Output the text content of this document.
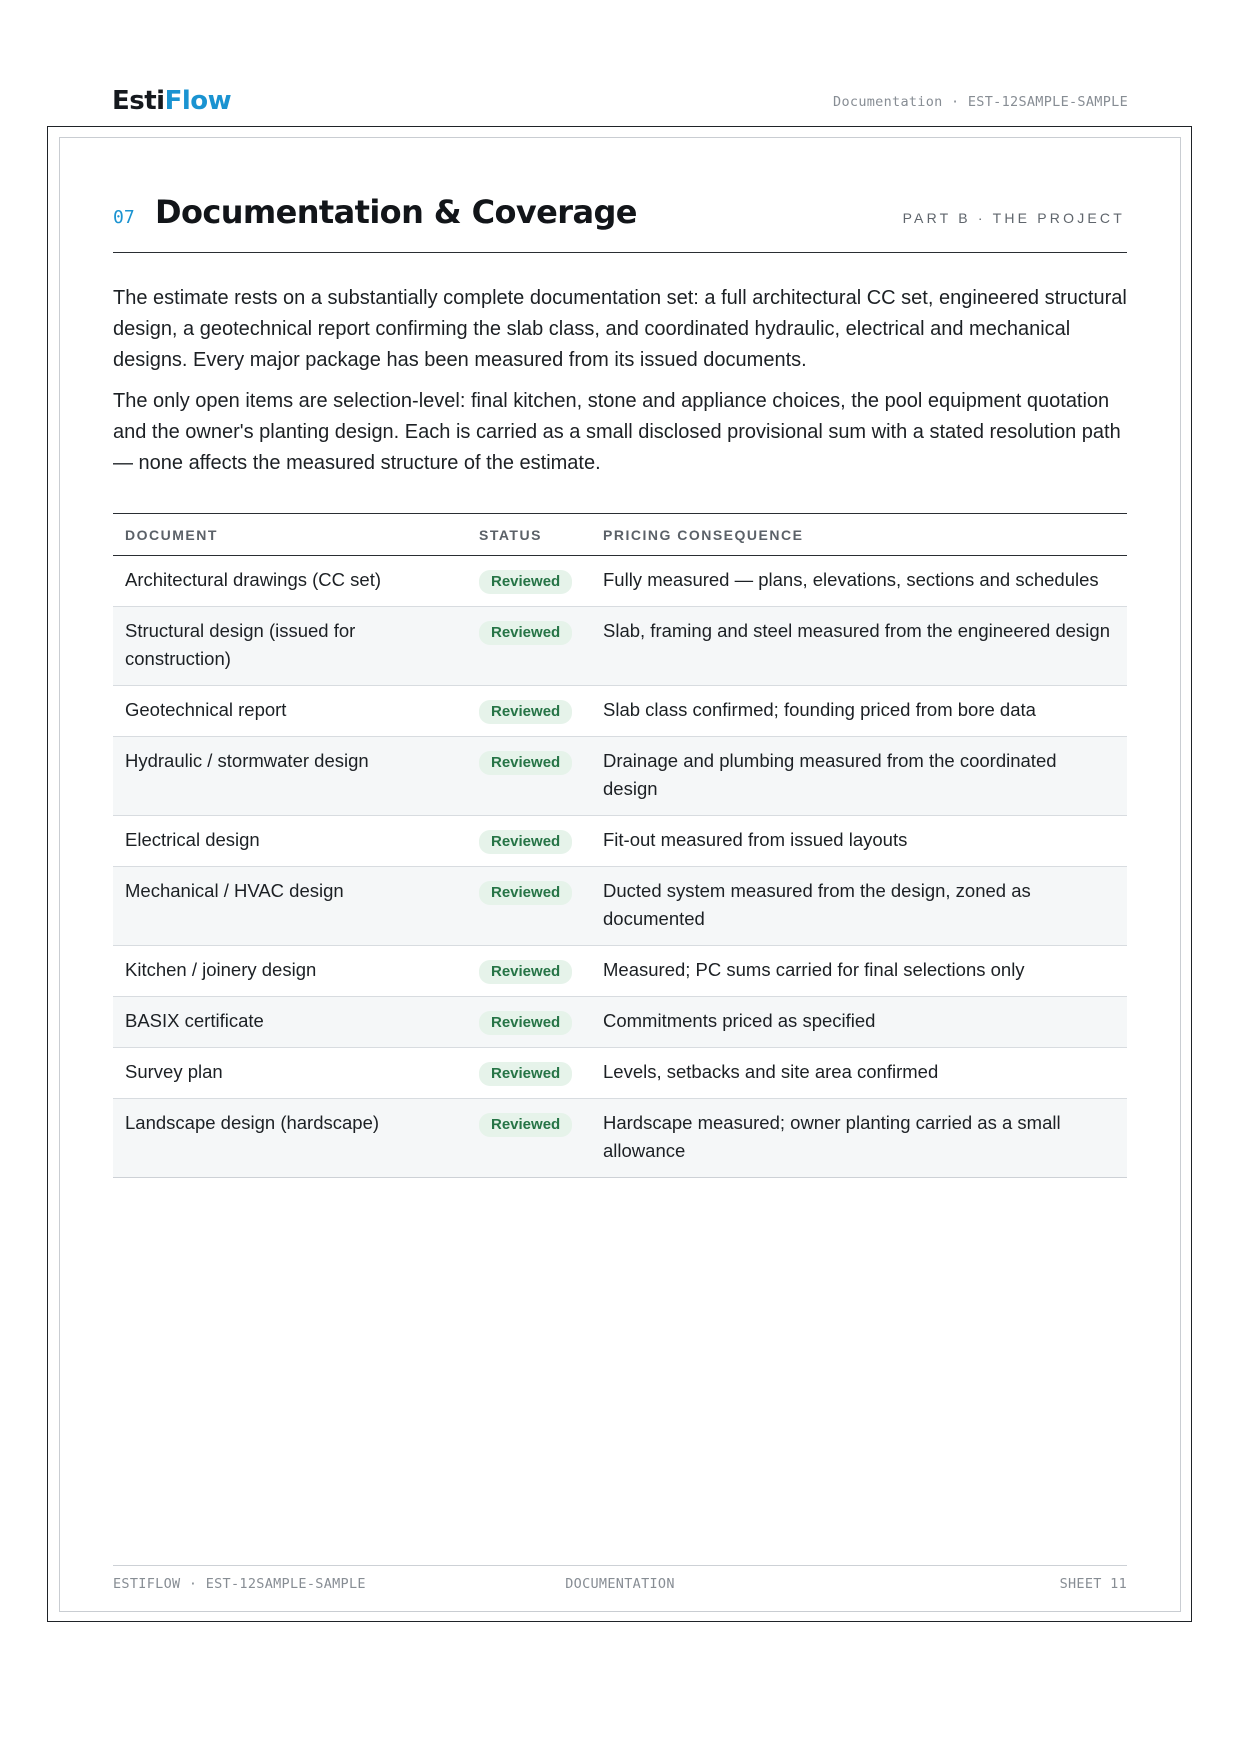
EstiFlow	Documentation · EST-12SAMPLE-SAMPLE
07 Documentation & Coverage	PART B · THE PROJECT

The estimate rests on a substantially complete documentation set: a full architectural CC set, engineered structural design, a geotechnical report confirming the slab class, and coordinated hydraulic, electrical and mechanical designs. Every major package has been measured from its issued documents.

The only open items are selection-level: final kitchen, stone and appliance choices, the pool equipment quotation and the owner's planting design. Each is carried as a small disclosed provisional sum with a stated resolution path — none affects the measured structure of the estimate.

DOCUMENT	STATUS	PRICING CONSEQUENCE
Architectural drawings (CC set)	Reviewed	Fully measured — plans, elevations, sections and schedules
Structural design (issued for construction)	Reviewed	Slab, framing and steel measured from the engineered design
Geotechnical report	Reviewed	Slab class confirmed; founding priced from bore data
Hydraulic / stormwater design	Reviewed	Drainage and plumbing measured from the coordinated design
Electrical design	Reviewed	Fit-out measured from issued layouts
Mechanical / HVAC design	Reviewed	Ducted system measured from the design, zoned as documented
Kitchen / joinery design	Reviewed	Measured; PC sums carried for final selections only
BASIX certificate	Reviewed	Commitments priced as specified
Survey plan	Reviewed	Levels, setbacks and site area confirmed
Landscape design (hardscape)	Reviewed	Hardscape measured; owner planting carried as a small allowance
ESTIFLOW · EST-12SAMPLE-SAMPLE	DOCUMENTATION	SHEET 11
